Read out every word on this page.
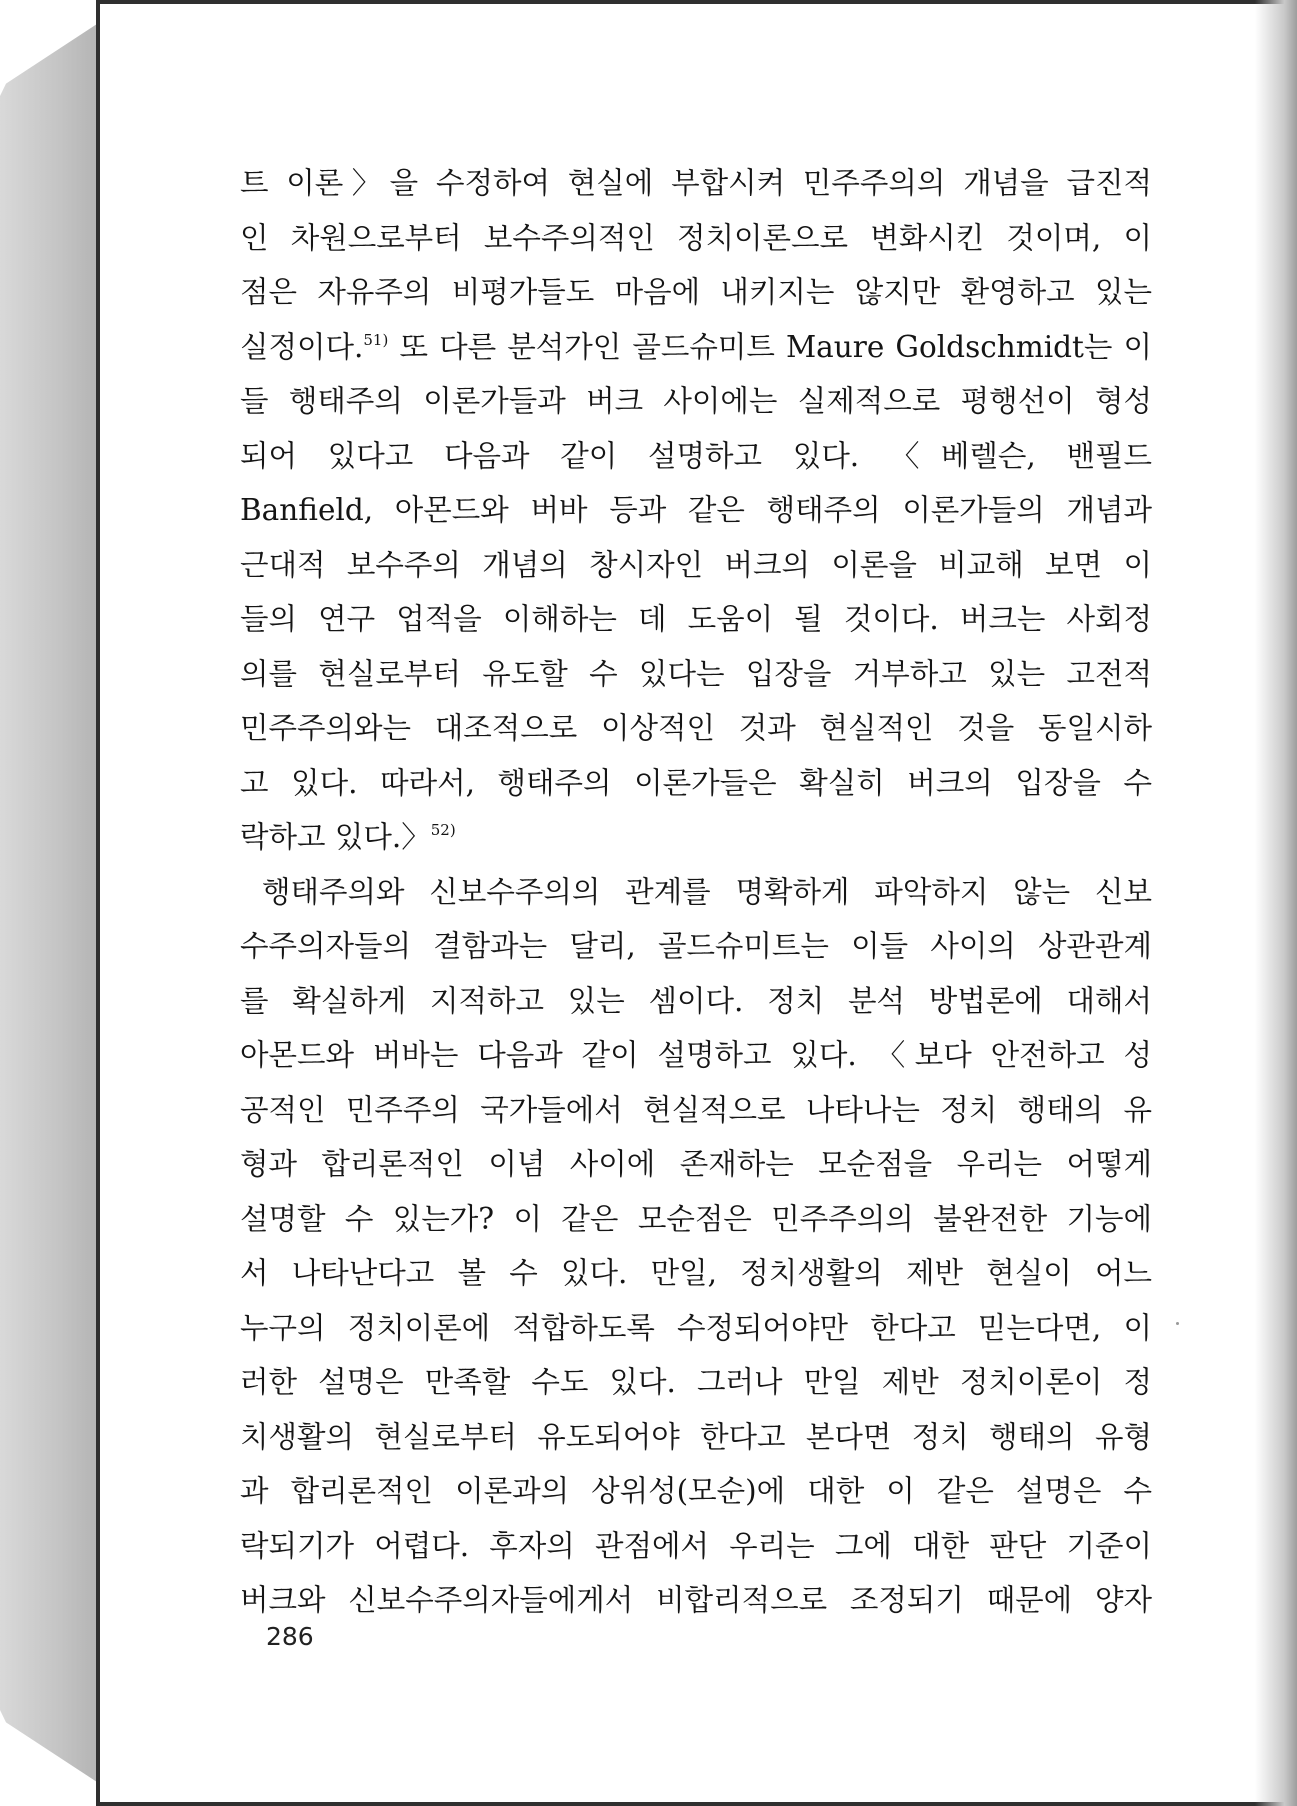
트 이론〉을 수정하여 현실에 부합시켜 민주주의의 개념을 급진적
인 차원으로부터 보수주의적인 정치이론으로 변화시킨 것이며, 이
점은 자유주의 비평가들도 마음에 내키지는 않지만 환영하고 있는
실정이다.$^{51)}$ 또 다른 분석가인 골드슈미트 Maure Goldschmidt는 이
들 행태주의 이론가들과 버크 사이에는 실제적으로 평행선이 형성
되어 있다고 다음과 같이 설명하고 있다. 〈베렐슨, 밴필드
Banfield, 아몬드와 버바 등과 같은 행태주의 이론가들의 개념과
근대적 보수주의 개념의 창시자인 버크의 이론을 비교해 보면 이
들의 연구 업적을 이해하는 데 도움이 될 것이다. 버크는 사회정
의를 현실로부터 유도할 수 있다는 입장을 거부하고 있는 고전적
민주주의와는 대조적으로 이상적인 것과 현실적인 것을 동일시하
고 있다. 따라서, 행태주의 이론가들은 확실히 버크의 입장을 수
락하고 있다.〉$^{52)}$
행태주의와 신보수주의의 관계를 명확하게 파악하지 않는 신보
수주의자들의 결함과는 달리, 골드슈미트는 이들 사이의 상관관계
를 확실하게 지적하고 있는 셈이다. 정치 분석 방법론에 대해서
아몬드와 버바는 다음과 같이 설명하고 있다. 〈보다 안전하고 성
공적인 민주주의 국가들에서 현실적으로 나타나는 정치 행태의 유
형과 합리론적인 이념 사이에 존재하는 모순점을 우리는 어떻게
설명할 수 있는가? 이 같은 모순점은 민주주의의 불완전한 기능에
서 나타난다고 볼 수 있다. 만일, 정치생활의 제반 현실이 어느
누구의 정치이론에 적합하도록 수정되어야만 한다고 믿는다면, 이
러한 설명은 만족할 수도 있다. 그러나 만일 제반 정치이론이 정
치생활의 현실로부터 유도되어야 한다고 본다면 정치 행태의 유형
과 합리론적인 이론과의 상위성(모순)에 대한 이 같은 설명은 수
락되기가 어렵다. 후자의 관점에서 우리는 그에 대한 판단 기준이
버크와 신보수주의자들에게서 비합리적으로 조정되기 때문에 양자
286
